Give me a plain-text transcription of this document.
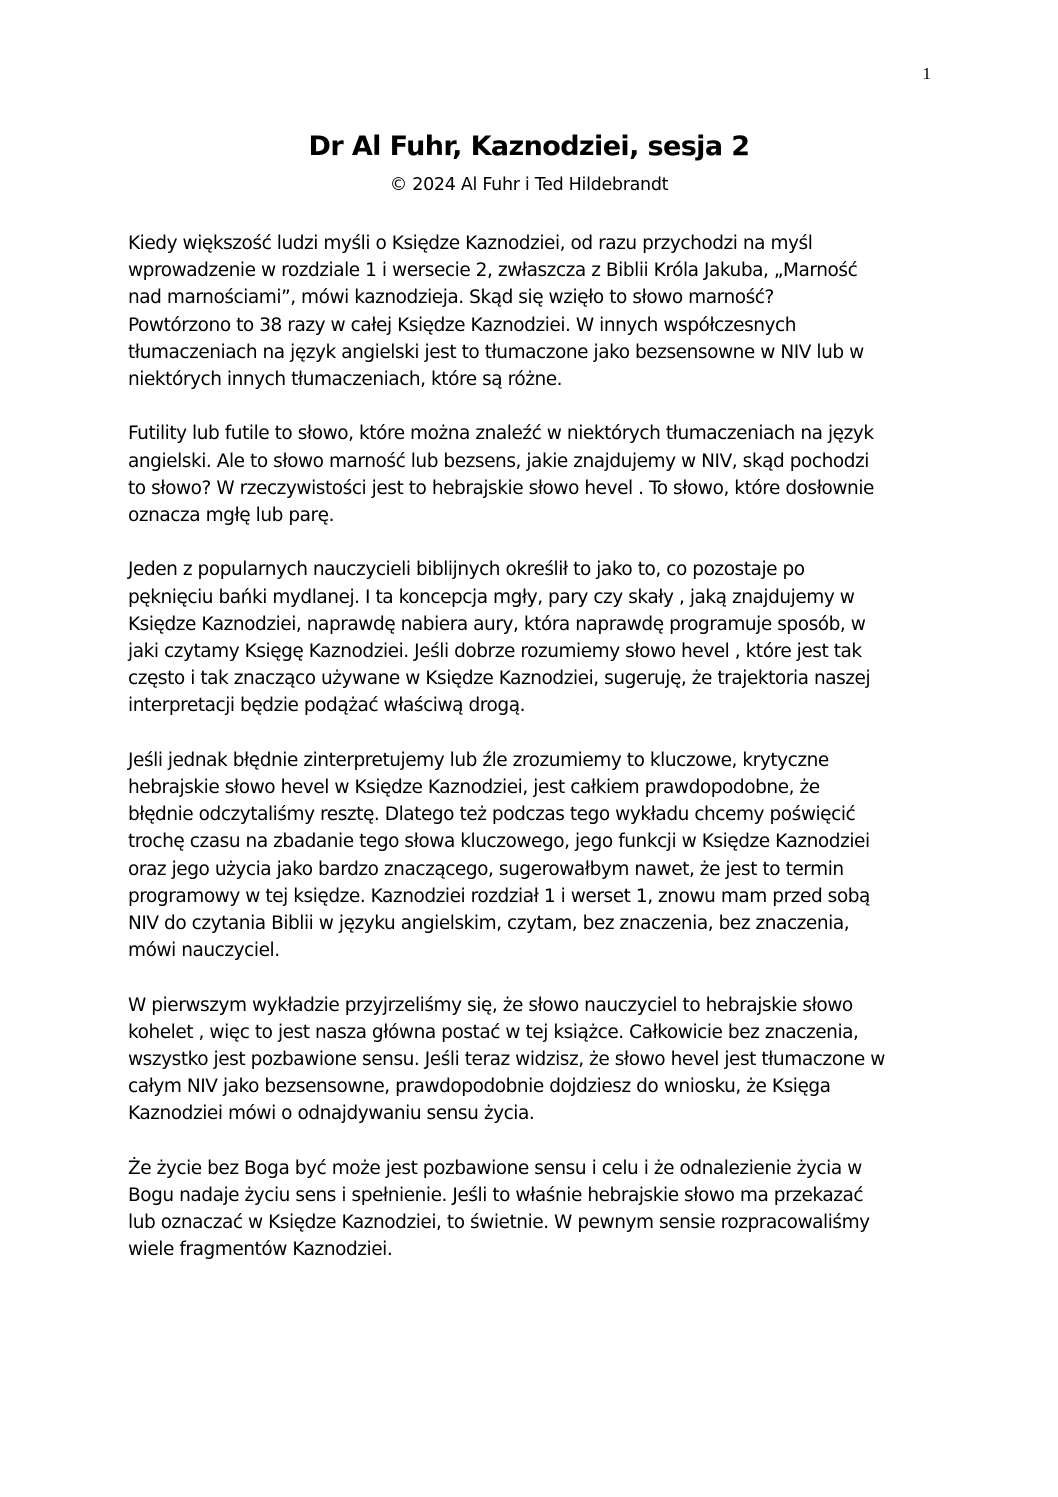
1
Dr Al Fuhr, Kaznodziei, sesja 2
© 2024 Al Fuhr i Ted Hildebrandt

Kiedy większość ludzi myśli o Księdze Kaznodziei, od razu przychodzi na myśl
wprowadzenie w rozdziale 1 i wersecie 2, zwłaszcza z Biblii Króla Jakuba, „Marność
nad marnościami”, mówi kaznodzieja. Skąd się wzięło to słowo marność?
Powtórzono to 38 razy w całej Księdze Kaznodziei. W innych współczesnych
tłumaczeniach na język angielski jest to tłumaczone jako bezsensowne w NIV lub w
niektórych innych tłumaczeniach, które są różne.

Futility lub futile to słowo, które można znaleźć w niektórych tłumaczeniach na język
angielski. Ale to słowo marność lub bezsens, jakie znajdujemy w NIV, skąd pochodzi
to słowo? W rzeczywistości jest to hebrajskie słowo hevel . To słowo, które dosłownie
oznacza mgłę lub parę.

Jeden z popularnych nauczycieli biblijnych określił to jako to, co pozostaje po
pęknięciu bańki mydlanej. I ta koncepcja mgły, pary czy skały , jaką znajdujemy w
Księdze Kaznodziei, naprawdę nabiera aury, która naprawdę programuje sposób, w
jaki czytamy Księgę Kaznodziei. Jeśli dobrze rozumiemy słowo hevel , które jest tak
często i tak znacząco używane w Księdze Kaznodziei, sugeruję, że trajektoria naszej
interpretacji będzie podążać właściwą drogą.

Jeśli jednak błędnie zinterpretujemy lub źle zrozumiemy to kluczowe, krytyczne
hebrajskie słowo hevel w Księdze Kaznodziei, jest całkiem prawdopodobne, że
błędnie odczytaliśmy resztę. Dlatego też podczas tego wykładu chcemy poświęcić
trochę czasu na zbadanie tego słowa kluczowego, jego funkcji w Księdze Kaznodziei
oraz jego użycia jako bardzo znaczącego, sugerowałbym nawet, że jest to termin
programowy w tej księdze. Kaznodziei rozdział 1 i werset 1, znowu mam przed sobą
NIV do czytania Biblii w języku angielskim, czytam, bez znaczenia, bez znaczenia,
mówi nauczyciel.

W pierwszym wykładzie przyjrzeliśmy się, że słowo nauczyciel to hebrajskie słowo
kohelet , więc to jest nasza główna postać w tej książce. Całkowicie bez znaczenia,
wszystko jest pozbawione sensu. Jeśli teraz widzisz, że słowo hevel jest tłumaczone w
całym NIV jako bezsensowne, prawdopodobnie dojdziesz do wniosku, że Księga
Kaznodziei mówi o odnajdywaniu sensu życia.

Że życie bez Boga być może jest pozbawione sensu i celu i że odnalezienie życia w
Bogu nadaje życiu sens i spełnienie. Jeśli to właśnie hebrajskie słowo ma przekazać
lub oznaczać w Księdze Kaznodziei, to świetnie. W pewnym sensie rozpracowaliśmy
wiele fragmentów Kaznodziei.
